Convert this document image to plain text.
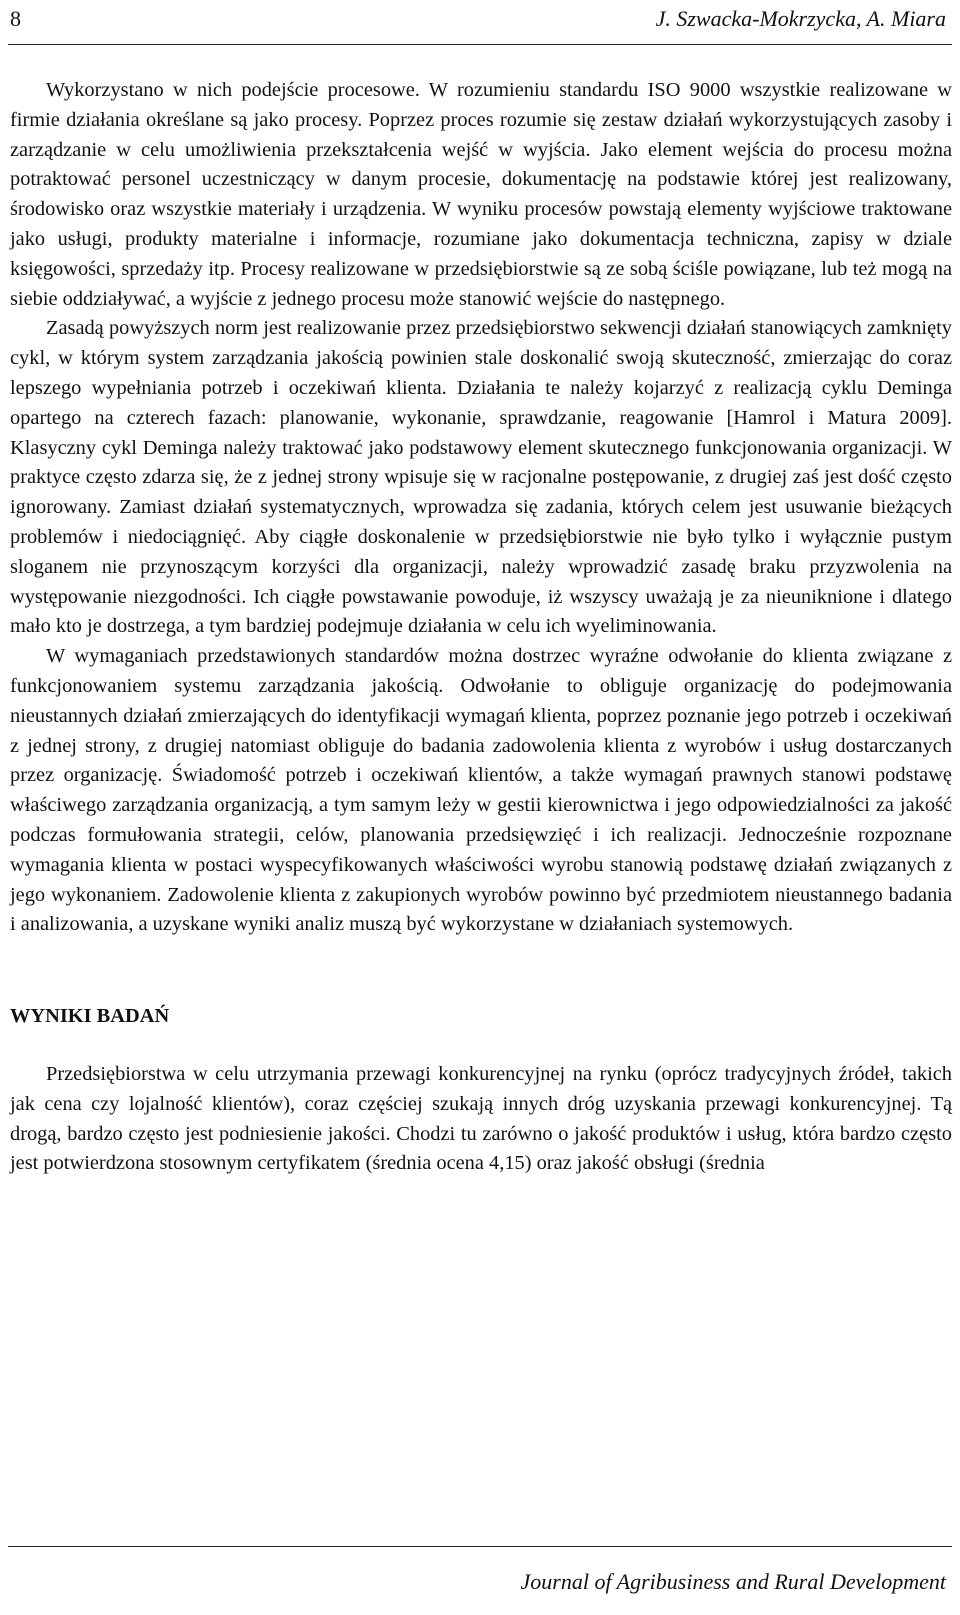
8	J. Szwacka-Mokrzycka, A. Miara

Wykorzystano w nich podejście procesowe. W rozumieniu standardu ISO 9000 wszystkie realizowane w firmie działania określane są jako procesy. Poprzez proces rozumie się zestaw działań wykorzystujących zasoby i zarządzanie w celu umożliwienia przekształcenia wejść w wyjścia. Jako element wejścia do procesu można potraktować personel uczestniczący w danym procesie, dokumentację na podstawie której jest realizowany, środowisko oraz wszystkie materiały i urządzenia. W wyniku procesów powstają elementy wyjściowe traktowane jako usługi, produkty materialne i informacje, rozumiane jako dokumentacja techniczna, zapisy w dziale księgowości, sprzedaży itp. Procesy realizowane w przedsiębiorstwie są ze sobą ściśle powiązane, lub też mogą na siebie oddziaływać, a wyjście z jednego procesu może stanowić wejście do następnego.

Zasadą powyższych norm jest realizowanie przez przedsiębiorstwo sekwencji działań stanowiących zamknięty cykl, w którym system zarządzania jakością powinien stale doskonalić swoją skuteczność, zmierzając do coraz lepszego wypełniania potrzeb i oczekiwań klienta. Działania te należy kojarzyć z realizacją cyklu Deminga opartego na czterech fazach: planowanie, wykonanie, sprawdzanie, reagowanie [Hamrol i Matura 2009]. Klasyczny cykl Deminga należy traktować jako podstawowy element skutecznego funkcjonowania organizacji. W praktyce często zdarza się, że z jednej strony wpisuje się w racjonalne postępowanie, z drugiej zaś jest dość często ignorowany. Zamiast działań systematycznych, wprowadza się zadania, których celem jest usuwanie bieżących problemów i niedociągnięć. Aby ciągłe doskonalenie w przedsiębiorstwie nie było tylko i wyłącznie pustym sloganem nie przynoszącym korzyści dla organizacji, należy wprowadzić zasadę braku przyzwolenia na występowanie niezgodności. Ich ciągłe powstawanie powoduje, iż wszyscy uważają je za nieuniknione i dlatego mało kto je dostrzega, a tym bardziej podejmuje działania w celu ich wyeliminowania.

W wymaganiach przedstawionych standardów można dostrzec wyraźne odwołanie do klienta związane z funkcjonowaniem systemu zarządzania jakością. Odwołanie to obliguje organizację do podejmowania nieustannych działań zmierzających do identyfikacji wymagań klienta, poprzez poznanie jego potrzeb i oczekiwań z jednej strony, z drugiej natomiast obliguje do badania zadowolenia klienta z wyrobów i usług dostarczanych przez organizację. Świadomość potrzeb i oczekiwań klientów, a także wymagań prawnych stanowi podstawę właściwego zarządzania organizacją, a tym samym leży w gestii kierownictwa i jego odpowiedzialności za jakość podczas formułowania strategii, celów, planowania przedsięwzięć i ich realizacji. Jednocześnie rozpoznane wymagania klienta w postaci wyspecyfikowanych właściwości wyrobu stanowią podstawę działań związanych z jego wykonaniem. Zadowolenie klienta z zakupionych wyrobów powinno być przedmiotem nieustannego badania i analizowania, a uzyskane wyniki analiz muszą być wykorzystane w działaniach systemowych.

WYNIKI BADAŃ

Przedsiębiorstwa w celu utrzymania przewagi konkurencyjnej na rynku (oprócz tradycyjnych źródeł, takich jak cena czy lojalność klientów), coraz częściej szukają innych dróg uzyskania przewagi konkurencyjnej. Tą drogą, bardzo często jest podniesienie jakości. Chodzi tu zarówno o jakość produktów i usług, która bardzo często jest potwierdzona stosownym certyfikatem (średnia ocena 4,15) oraz jakość obsługi (średnia

Journal of Agribusiness and Rural Development
